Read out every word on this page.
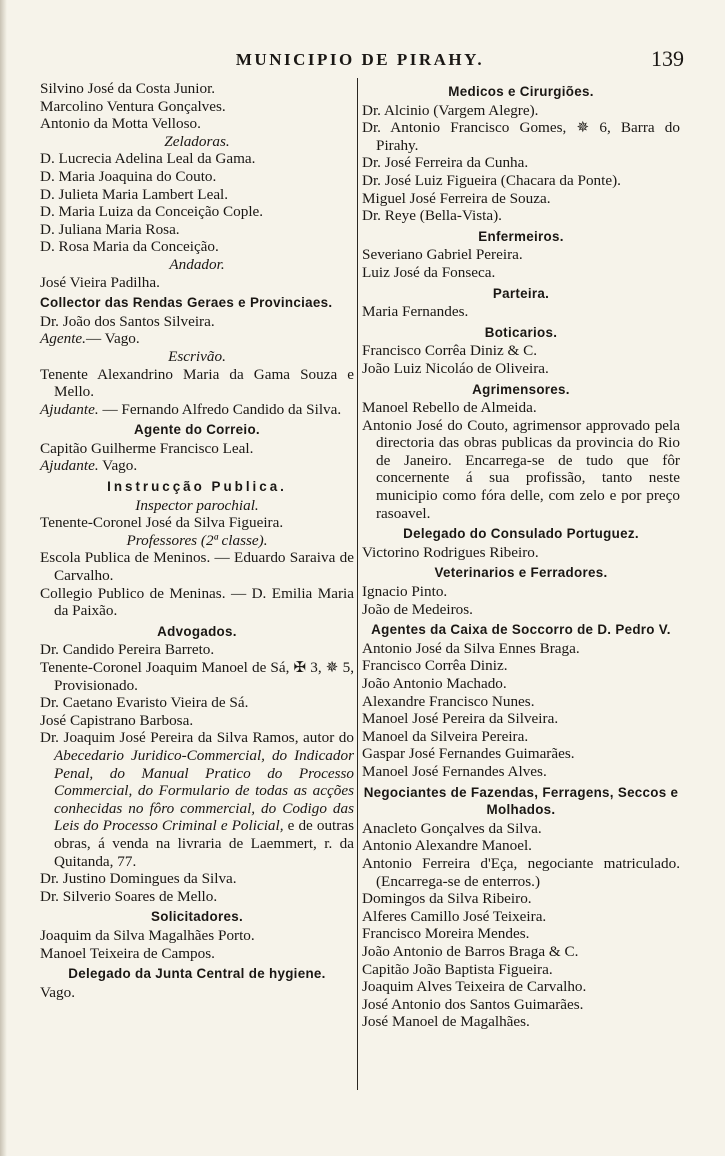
MUNICIPIO DE PIRAHY.	139

Silvino José da Costa Junior.

Marcolino Ventura Gonçalves.

Antonio da Motta Velloso.

Zeladoras.

D. Lucrecia Adelina Leal da Gama.

D. Maria Joaquina do Couto.

D. Julieta Maria Lambert Leal.

D. Maria Luiza da Conceição Cople.

D. Juliana Maria Rosa.

D. Rosa Maria da Conceição.

Andador.

José Vieira Padilha.

Collector das Rendas Geraes e Provinciaes.

Dr. João dos Santos Silveira.

Agente.— Vago.

Escrivão.

Tenente Alexandrino Maria da Gama Souza e Mello.

Ajudante. — Fernando Alfredo Candido da Silva.

Agente do Correio.

Capitão Guilherme Francisco Leal.

Ajudante. Vago.

Instrucção Publica.

Inspector parochial.

Tenente-Coronel José da Silva Figueira.

Professores (2ª classe).

Escola Publica de Meninos. — Eduardo Saraiva de Carvalho.

Collegio Publico de Meninas. — D. Emilia Maria da Paixão.

Advogados.

Dr. Candido Pereira Barreto.

Tenente-Coronel Joaquim Manoel de Sá, ✠ 3, ✵ 5, Provisionado.

Dr. Caetano Evaristo Vieira de Sá.

José Capistrano Barbosa.

Dr. Joaquim José Pereira da Silva Ramos, autor do Abecedario Juridico-Commercial, do Indicador Penal, do Manual Pratico do Processo Commercial, do Formulario de todas as acções conhecidas no fôro commercial, do Codigo das Leis do Processo Criminal e Policial, e de outras obras, á venda na livraria de Laemmert, r. da Quitanda, 77.

Dr. Justino Domingues da Silva.

Dr. Silverio Soares de Mello.

Solicitadores.

Joaquim da Silva Magalhães Porto.

Manoel Teixeira de Campos.

Delegado da Junta Central de hygiene.

Vago.

Medicos e Cirurgiões.

Dr. Alcinio (Vargem Alegre).

Dr. Antonio Francisco Gomes, ✵ 6, Barra do Pirahy.

Dr. José Ferreira da Cunha.

Dr. José Luiz Figueira (Chacara da Ponte).

Miguel José Ferreira de Souza.

Dr. Reye (Bella-Vista).

Enfermeiros.

Severiano Gabriel Pereira.

Luiz José da Fonseca.

Parteira.

Maria Fernandes.

Boticarios.

Francisco Corrêa Diniz & C.

João Luiz Nicoláo de Oliveira.

Agrimensores.

Manoel Rebello de Almeida.

Antonio José do Couto, agrimensor approvado pela directoria das obras publicas da provincia do Rio de Janeiro. Encarrega-se de tudo que fôr concernente á sua profissão, tanto neste municipio como fóra delle, com zelo e por preço rasoavel.

Delegado do Consulado Portuguez.

Victorino Rodrigues Ribeiro.

Veterinarios e Ferradores.

Ignacio Pinto.

João de Medeiros.

Agentes da Caixa de Soccorro de D. Pedro V.

Antonio José da Silva Ennes Braga.

Francisco Corrêa Diniz.

João Antonio Machado.

Alexandre Francisco Nunes.

Manoel José Pereira da Silveira.

Manoel da Silveira Pereira.

Gaspar José Fernandes Guimarães.

Manoel José Fernandes Alves.

Negociantes de Fazendas, Ferragens, Seccos e Molhados.

Anacleto Gonçalves da Silva.

Antonio Alexandre Manoel.

Antonio Ferreira d'Eça, negociante matriculado. (Encarrega-se de enterros.)

Domingos da Silva Ribeiro.

Alferes Camillo José Teixeira.

Francisco Moreira Mendes.

João Antonio de Barros Braga & C.

Capitão João Baptista Figueira.

Joaquim Alves Teixeira de Carvalho.

José Antonio dos Santos Guimarães.

José Manoel de Magalhães.
